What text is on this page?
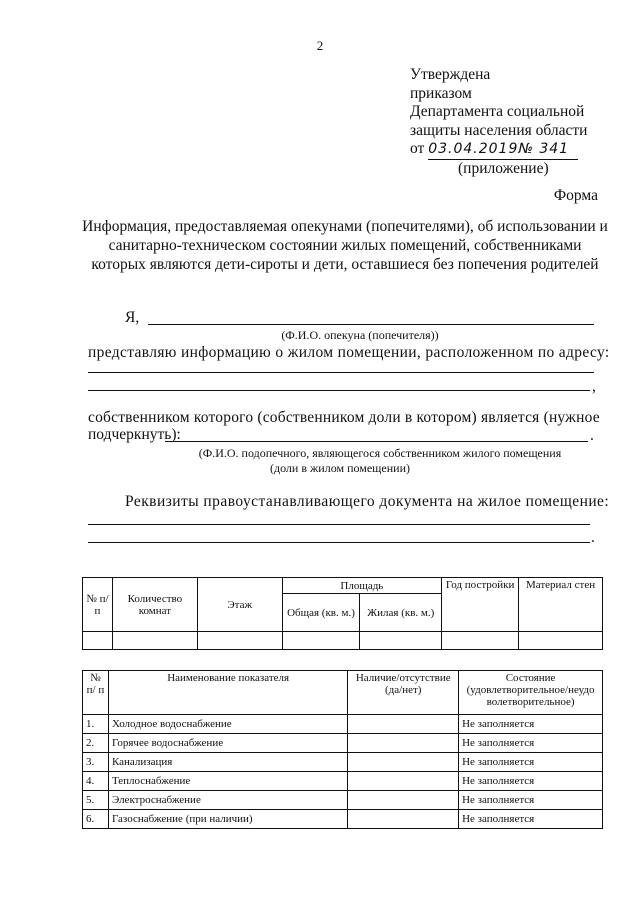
2
Утверждена
приказом
Департамента социальной
защиты населения области
от 03.04.2019№ 341
(приложение)
Форма
Информация, предоставляемая опекунами (попечителями), об использовании и санитарно-техническом состоянии жилых помещений, собственниками которых являются дети-сироты и дети, оставшиеся без попечения родителей
Я,
(Ф.И.О. опекуна (попечителя))
представляю информацию о жилом помещении, расположенном по адресу:
,
собственником которого (собственником доли в котором) является (нужное
подчеркнуть):	.
(Ф.И.О. подопечного, являющегося собственником жилого помещения
(доли в жилом помещении)
Реквизиты правоустанавливающего документа на жилое помещение:
.
№ п/п	Количество комнат	Этаж	Площадь		Год постройки	Материал стен
			Общая (кв. м.)	Жилая (кв. м.)		

№ п/ п	Наименование показателя	Наличие/отсутствие (да/нет)	Состояние (удовлетворительное/неудо волетворительное)
1.	Холодное водоснабжение		Не заполняется
2.	Горячее водоснабжение		Не заполняется
3.	Канализация		Не заполняется
4.	Теплоснабжение		Не заполняется
5.	Электроснабжение		Не заполняется
6.	Газоснабжение (при наличии)		Не заполняется
